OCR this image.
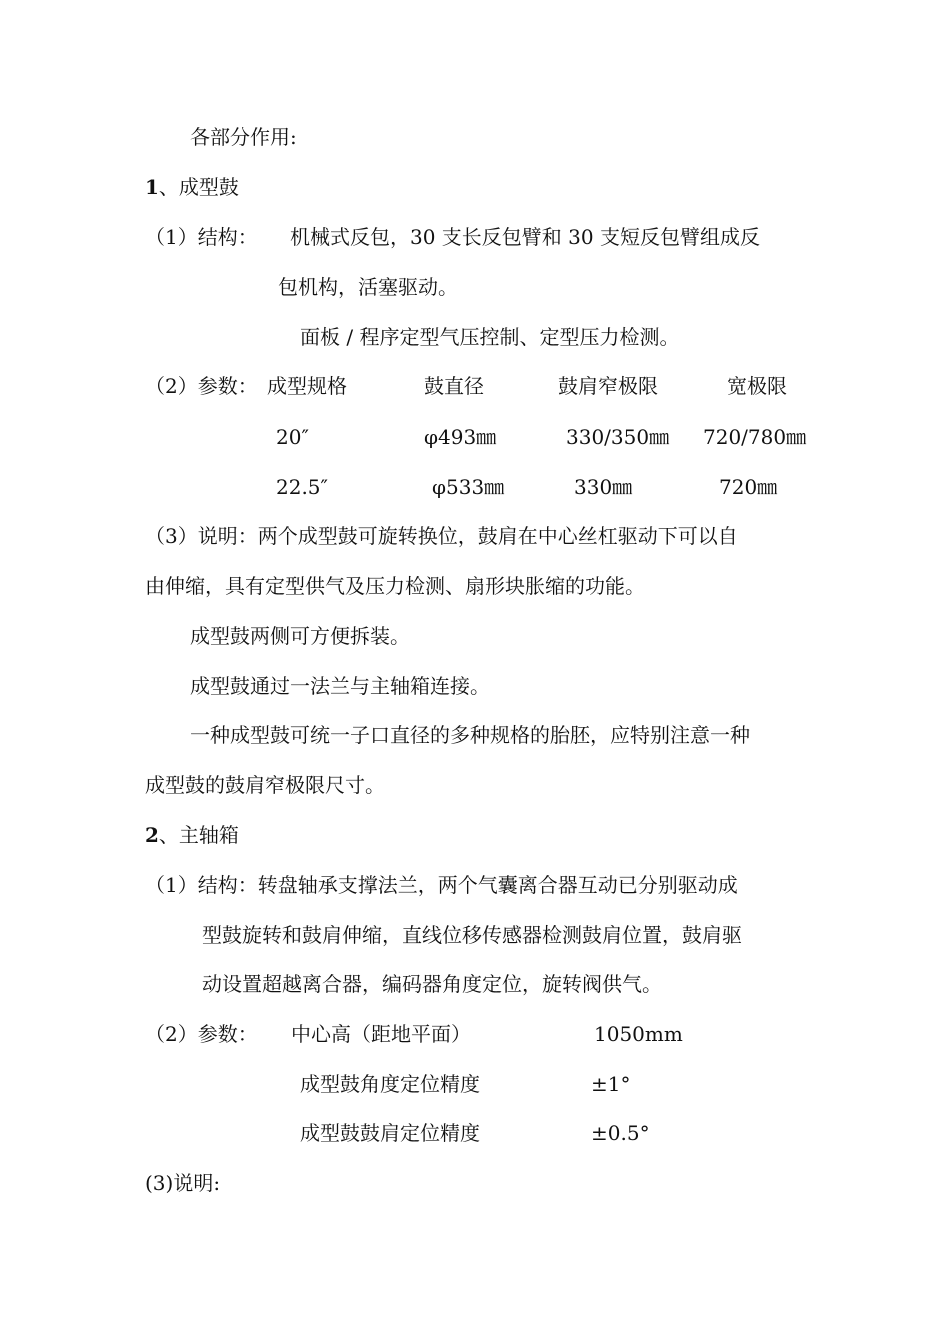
各部分作用:
1、成型鼓
（1）结构： 机械式反包，30 支长反包臂和 30 支短反包臂组成反
包机构，活塞驱动。
面板 / 程序定型气压控制、定型压力检测。
（2）参数： 成型规格	鼓直径	鼓肩窄极限	宽极限
20″	φ493㎜	330/350㎜ 720/780㎜
22.5″	φ533㎜	330㎜	720㎜
（3）说明：两个成型鼓可旋转换位，鼓肩在中心丝杠驱动下可以自
由伸缩，具有定型供气及压力检测、扇形块胀缩的功能。
成型鼓两侧可方便拆装。
成型鼓通过一法兰与主轴箱连接。
一种成型鼓可统一子口直径的多种规格的胎胚，应特别注意一种
成型鼓的鼓肩窄极限尺寸。
2、主轴箱
（1）结构：转盘轴承支撑法兰，两个气囊离合器互动已分别驱动成
型鼓旋转和鼓肩伸缩，直线位移传感器检测鼓肩位置，鼓肩驱
动设置超越离合器，编码器角度定位，旋转阀供气。
（2）参数： 中心高（距地平面）	1050mm
成型鼓角度定位精度	±1°
成型鼓鼓肩定位精度	±0.5°
(3)说明:
